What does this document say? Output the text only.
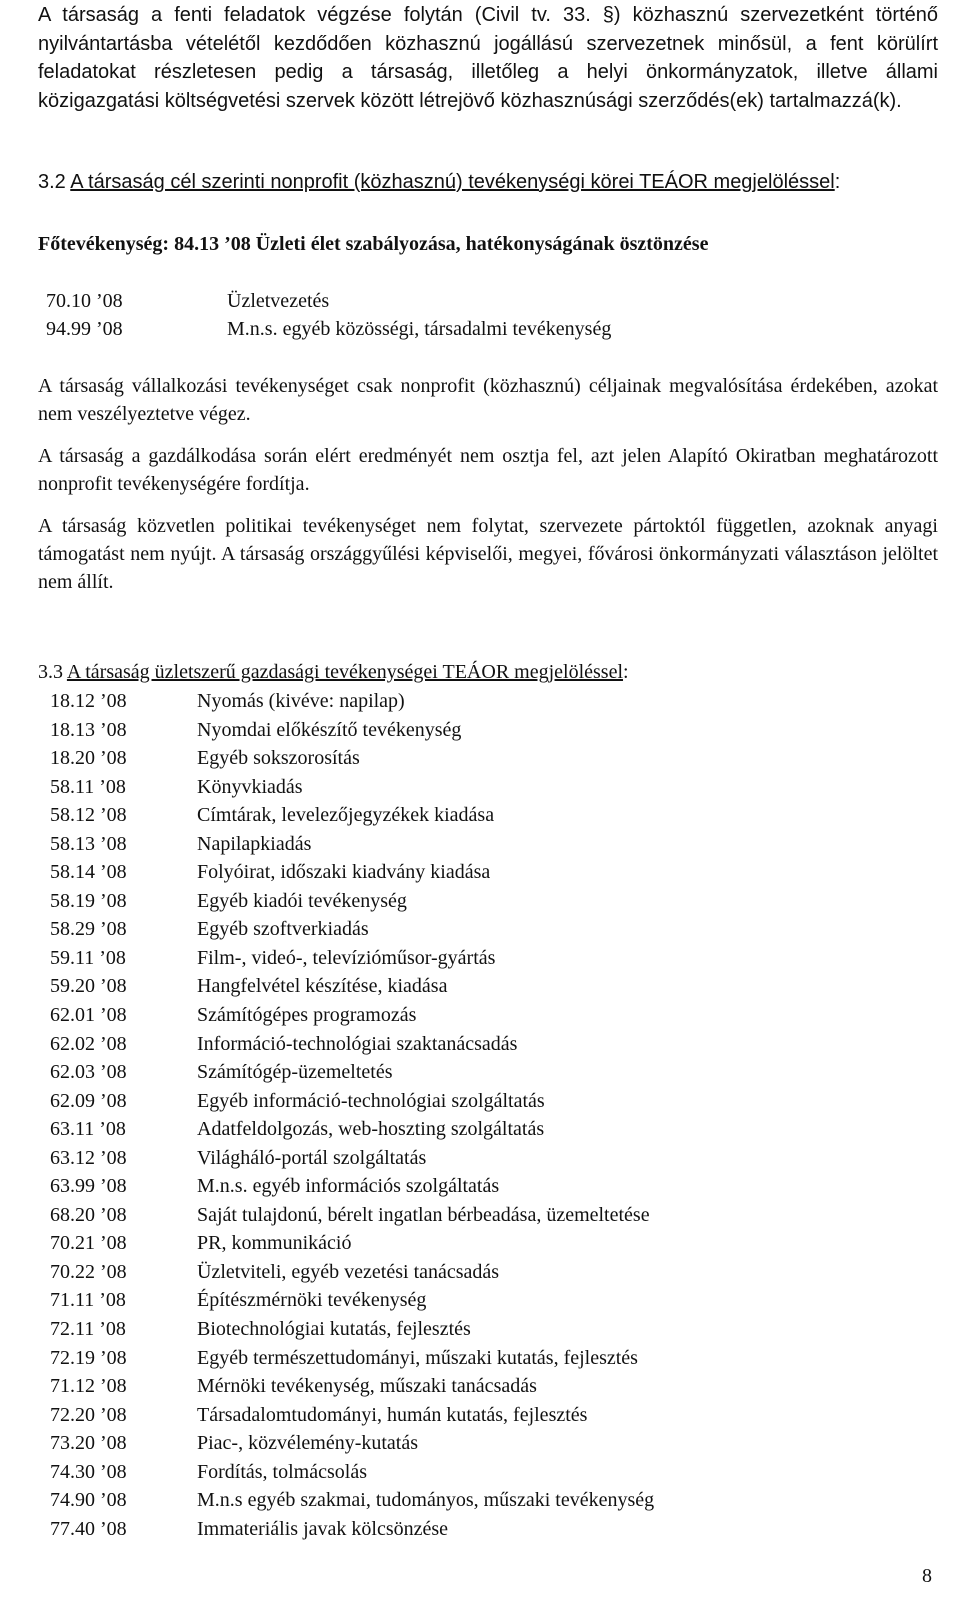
A társaság a fenti feladatok végzése folytán (Civil tv. 33. §) közhasznú szervezetként történő nyilvántartásba vételétől kezdődően közhasznú jogállású szervezetnek minősül, a fent körülírt feladatokat részletesen pedig a társaság, illetőleg a helyi önkormányzatok, illetve állami közigazgatási költségvetési szervek között létrejövő közhasznúsági szerződés(ek) tartalmazzá(k).

3.2 A társaság cél szerinti nonprofit (közhasznú) tevékenységi körei TEÁOR megjelöléssel:

Főtevékenység: 84.13 ’08 Üzleti élet szabályozása, hatékonyságának ösztönzése

70.10 ’08	Üzletvezetés
94.99 ’08	M.n.s. egyéb közösségi, társadalmi tevékenység

A társaság vállalkozási tevékenységet csak nonprofit (közhasznú) céljainak megvalósítása érdekében, azokat nem veszélyeztetve végez.

A társaság a gazdálkodása során elért eredményét nem osztja fel, azt jelen Alapító Okiratban meghatározott nonprofit tevékenységére fordítja.

A társaság közvetlen politikai tevékenységet nem folytat, szervezete pártoktól független, azoknak anyagi támogatást nem nyújt. A társaság országgyűlési képviselői, megyei, fővárosi önkormányzati választáson jelöltet nem állít.

3.3 A társaság üzletszerű gazdasági tevékenységei TEÁOR megjelöléssel:

18.12 ’08	Nyomás (kivéve: napilap)
18.13 ’08	Nyomdai előkészítő tevékenység
18.20 ’08	Egyéb sokszorosítás
58.11 ’08	Könyvkiadás
58.12 ’08	Címtárak, levelezőjegyzékek kiadása
58.13 ’08	Napilapkiadás
58.14 ’08	Folyóirat, időszaki kiadvány kiadása
58.19 ’08	Egyéb kiadói tevékenység
58.29 ’08	Egyéb szoftverkiadás
59.11 ’08	Film-, videó-, televízióműsor-gyártás
59.20 ’08	Hangfelvétel készítése, kiadása
62.01 ’08	Számítógépes programozás
62.02 ’08	Információ-technológiai szaktanácsadás
62.03 ’08	Számítógép-üzemeltetés
62.09 ’08	Egyéb információ-technológiai szolgáltatás
63.11 ’08	Adatfeldolgozás, web-hoszting szolgáltatás
63.12 ’08	Világháló-portál szolgáltatás
63.99 ’08	M.n.s. egyéb információs szolgáltatás
68.20 ’08	Saját tulajdonú, bérelt ingatlan bérbeadása, üzemeltetése
70.21 ’08	PR, kommunikáció
70.22 ’08	Üzletviteli, egyéb vezetési tanácsadás
71.11 ’08	Építészmérnöki tevékenység
72.11 ’08	Biotechnológiai kutatás, fejlesztés
72.19 ’08	Egyéb természettudományi, műszaki kutatás, fejlesztés
71.12 ’08	Mérnöki tevékenység, műszaki tanácsadás
72.20 ’08	Társadalomtudományi, humán kutatás, fejlesztés
73.20 ’08	Piac-, közvélemény-kutatás
74.30 ’08	Fordítás, tolmácsolás
74.90 ’08	M.n.s egyéb szakmai, tudományos, műszaki tevékenység
77.40 ’08	Immateriális javak kölcsönzése

8
